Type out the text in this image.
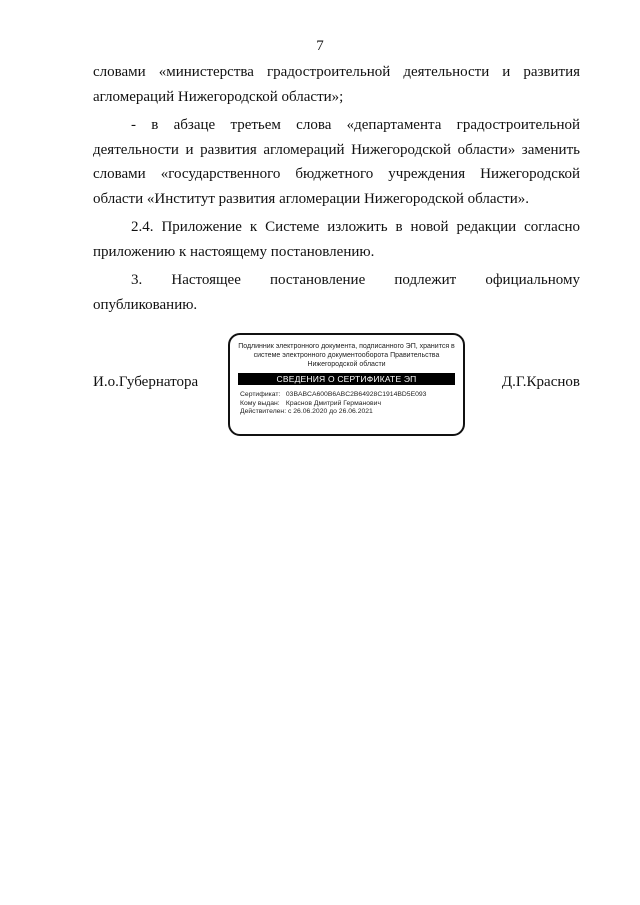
7

словами «министерства градостроительной деятельности и развития
агломераций Нижегородской области»;

- в абзаце третьем слова «департамента градостроительной деятельности и развития агломераций Нижегородской области» заменить словами «государственного бюджетного учреждения Нижегородской области «Институт развития агломерации Нижегородской области».

2.4. Приложение к Системе изложить в новой редакции согласно приложению к настоящему постановлению.

3. Настоящее постановление подлежит официальному
опубликованию.

И.о.Губернатора
Подлинник электронного документа, подписанного ЭП, хранится в системе электронного документооборота Правительства Нижегородской области
СВЕДЕНИЯ О СЕРТИФИКАТЕ ЭП
Сертификат: 03BABCA600B6ABC2B64928C1914BD5E093
Кому выдан: Краснов Дмитрий Германович
Действителен: с 26.06.2020 до 26.06.2021
Д.Г.Краснов
